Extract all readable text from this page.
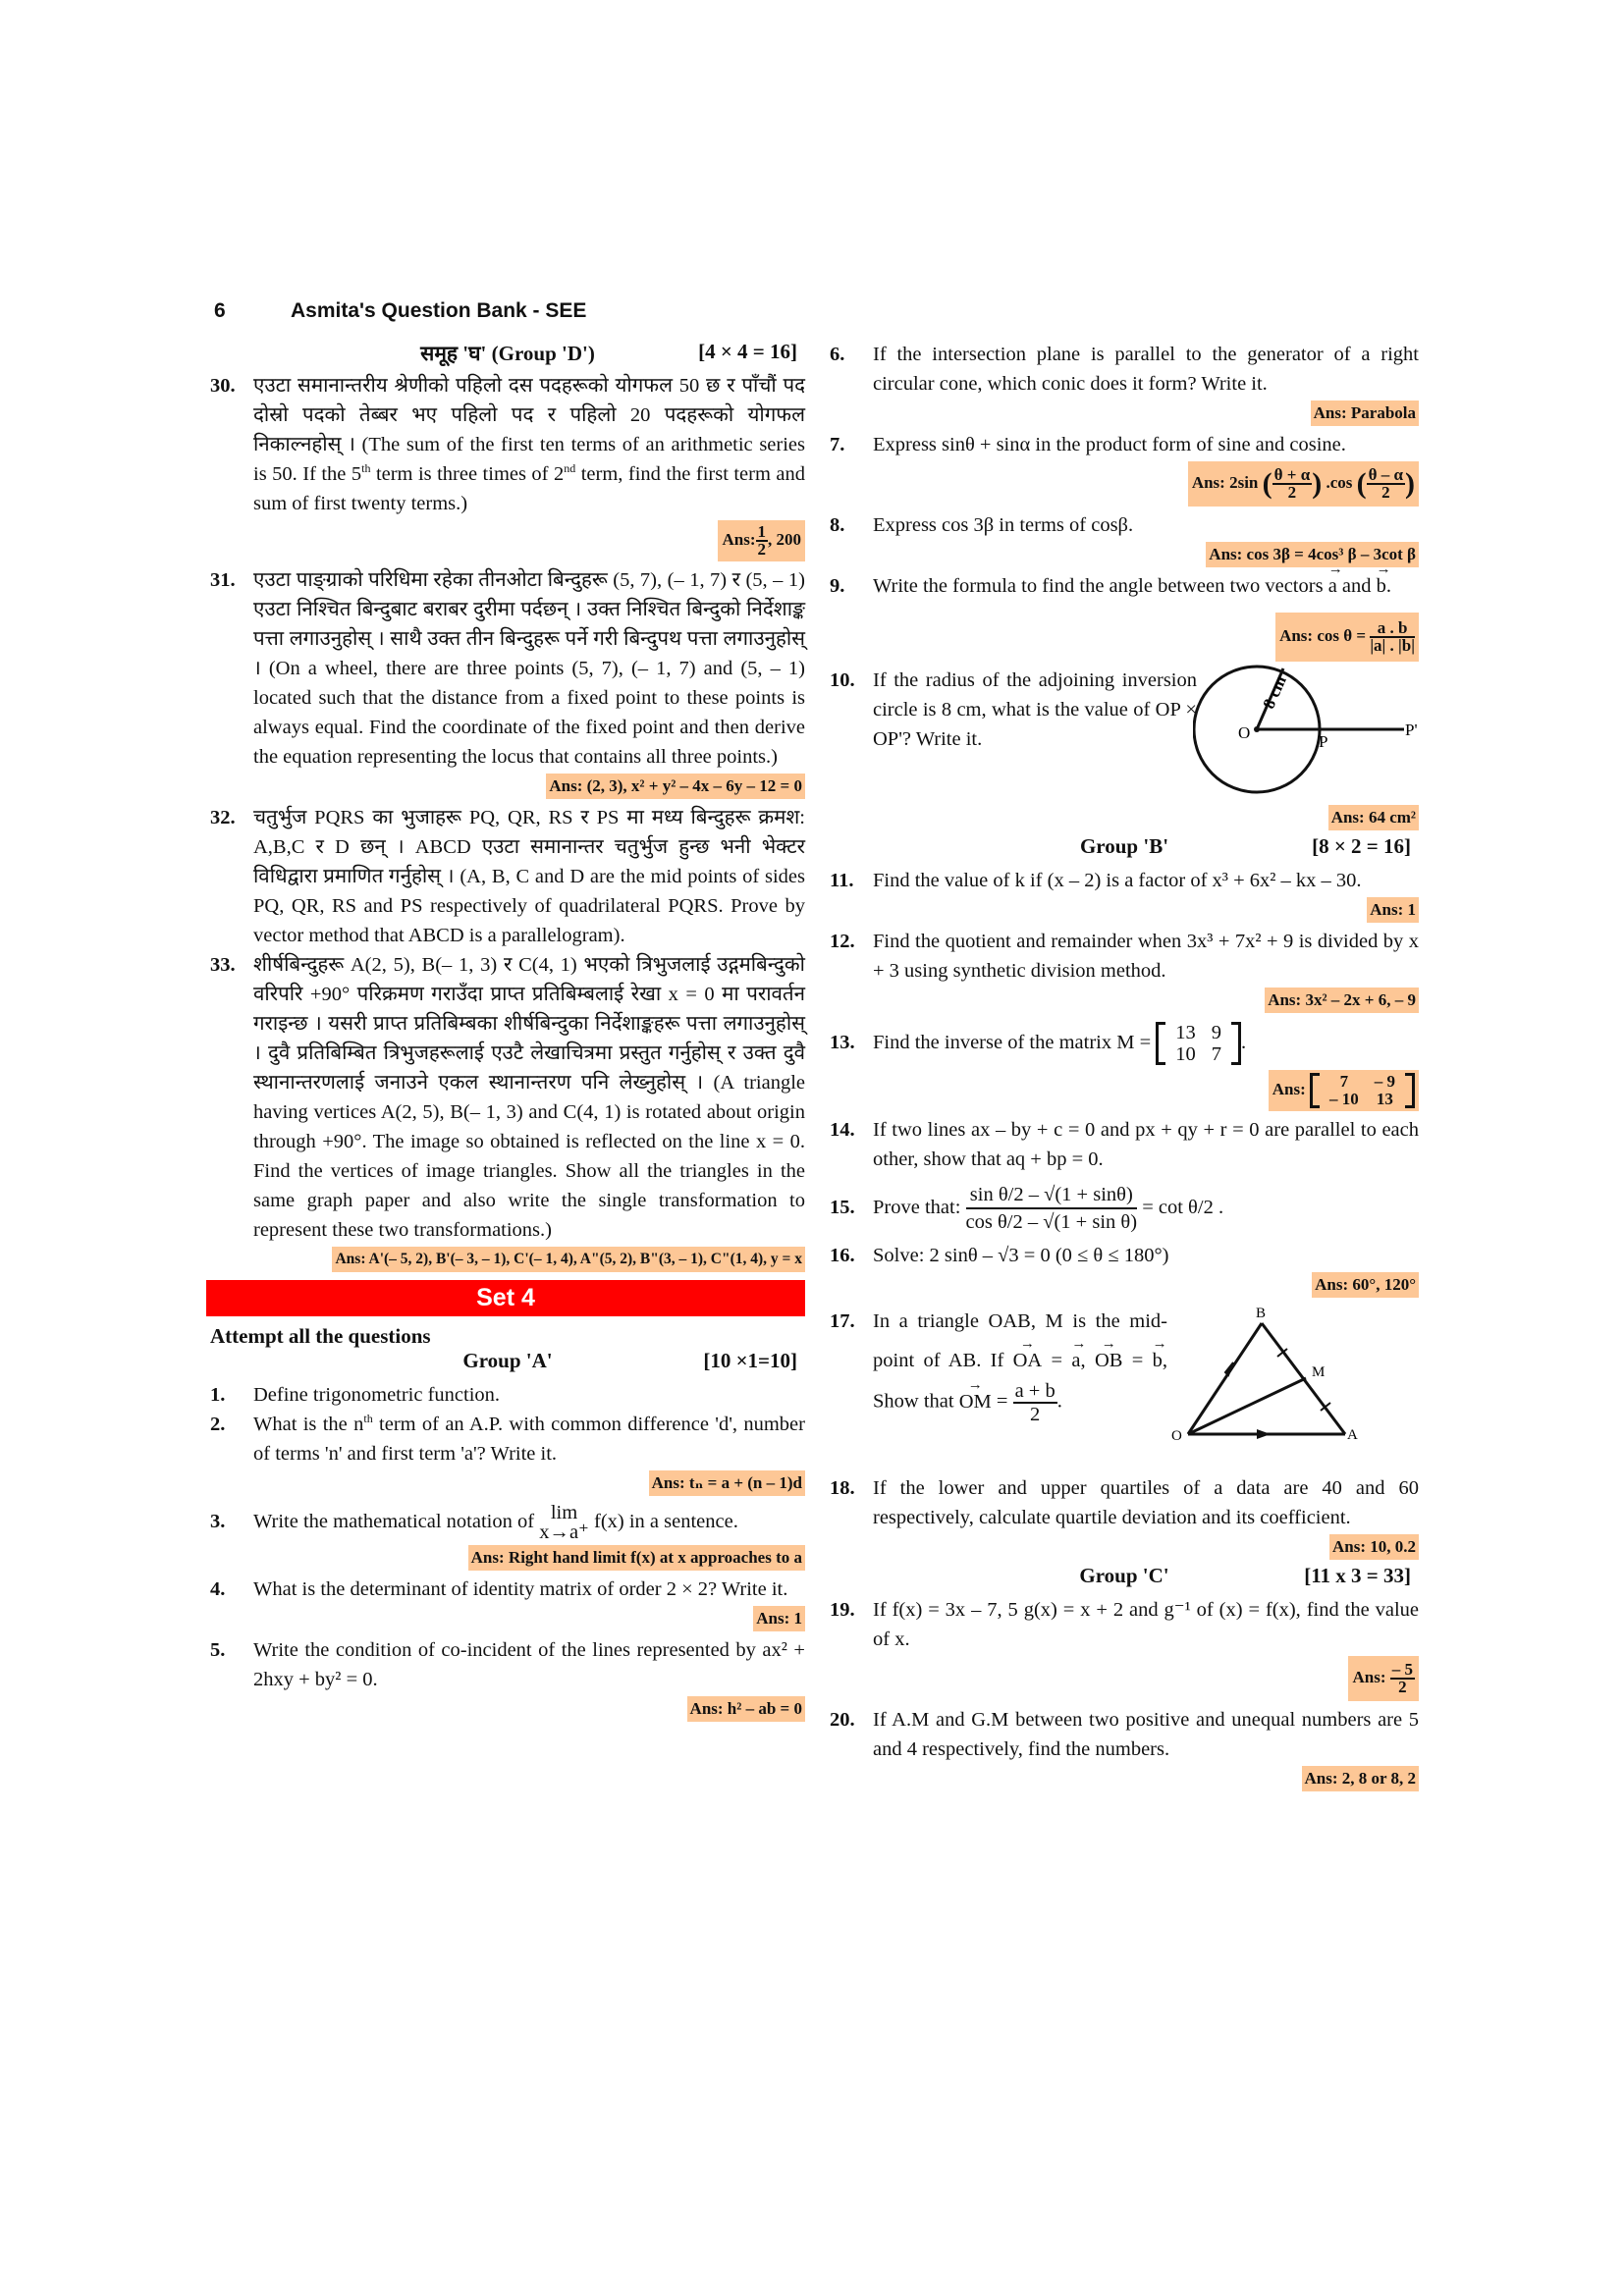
6	Asmita's Question Bank - SEE
समूह 'घ' (Group 'D')	[4 × 4 = 16]
30. एउटा समानान्तरीय श्रेणीको पहिलो दस पदहरूको योगफल 50 छ र पाँचौं पद दोस्रो पदको तेब्बर भए पहिलो पद र पहिलो 20 पदहरूको योगफल निकाल्नहोस् । (The sum of the first ten terms of an arithmetic series is 50. If the 5th term is three times of 2nd term, find the first term and sum of first twenty terms.)
Ans: $\frac{1}{2}$ , 200
31. एउटा पाङ्ग्राको परिधिमा रहेका तीनओटा बिन्दुहरू (5, 7), (– 1, 7) र (5, – 1) एउटा निश्चित बिन्दुबाट बराबर दुरीमा पर्दछन् । उक्त निश्चित बिन्दुको निर्देशाङ्क पत्ता लगाउनुहोस् । साथै उक्त तीन बिन्दुहरू पर्ने गरी बिन्दुपथ पत्ता लगाउनुहोस् । (On a wheel, there are three points (5, 7), (– 1, 7) and (5, – 1) located such that the distance from a fixed point to these points is always equal. Find the coordinate of the fixed point and then derive the equation representing the locus that contains all three points.)
Ans: (2, 3), x² + y² – 4x – 6y – 12 = 0
32. चतुर्भुज PQRS का भुजाहरू PQ, QR, RS र PS मा मध्य बिन्दुहरू क्रमश: A,B,C र D छन् । ABCD एउटा समानान्तर चतुर्भुज हुन्छ भनी भेक्टर विधिद्वारा प्रमाणित गर्नुहोस् । (A, B, C and D are the mid points of sides PQ, QR, RS and PS respectively of quadrilateral PQRS. Prove by vector method that ABCD is a parallelogram).
33. शीर्षबिन्दुहरू A(2, 5), B(– 1, 3) र C(4, 1) भएको त्रिभुजलाई उद्गमबिन्दुको वरिपरि +90° परिक्रमण गराउँदा प्राप्त प्रतिबिम्बलाई रेखा x = 0 मा परावर्तन गराइन्छ । यसरी प्राप्त प्रतिबिम्बका शीर्षबिन्दुका निर्देशाङ्कहरू पत्ता लगाउनुहोस् । दुवै प्रतिबिम्बित त्रिभुजहरूलाई एउटै लेखाचित्रमा प्रस्तुत गर्नुहोस् र उक्त दुवै स्थानान्तरणलाई जनाउने एकल स्थानान्तरण पनि लेख्नुहोस् । (A triangle having vertices A(2, 5), B(– 1, 3) and C(4, 1) is rotated about origin through +90°. The image so obtained is reflected on the line x = 0. Find the vertices of image triangles. Show all the triangles in the same graph paper and also write the single transformation to represent these two transformations.)
Ans: A'(– 5, 2), B'(– 3, – 1), C'(– 1, 4), A"(5, 2), B"(3, – 1), C"(1, 4), y = x
Set 4
Attempt all the questions
Group 'A'	[10 ×1=10]
1. Define trigonometric function.
2. What is the $n^{th}$ term of an A.P. with common difference 'd', number of terms 'n' and first term 'a'? Write it.
Ans: tₙ = a + (n – 1)d
3. Write the mathematical notation of lim
x→a⁺
f(x) in a sentence.
Ans: Right hand limit f(x) at x approaches to a
4. What is the determinant of identity matrix of order 2 × 2? Write it.
Ans: 1
5. Write the condition of co-incident of the lines represented by ax² + 2hxy + by² = 0.
Ans: h² – ab = 0
6. If the intersection plane is parallel to the generator of a right circular cone, which conic does it form? Write it.
Ans: Parabola
7. Express sinθ + sinα in the product form of sine and cosine.
Ans: 2sin ( $\frac{\theta + \alpha}{2}$ ) .cos ( $\frac{\theta - \alpha}{2}$ )
8. Express cos 3β in terms of cosβ.
Ans: cos 3β = 4cos³ β – 3cot β
9. Write the formula to find the angle between two vectors → a and → b.
Ans: $\cos \theta = \frac{a . b}{|a| . |b|}$
10. If the radius of the adjoining inversion circle is 8 cm, what is the value of OP × OP'? Write it.
8 cm
O	P
P'
Ans: 64 cm²
Group 'B'	[8 × 2 = 16]
11. Find the value of k if (x – 2) is a factor of x³ + 6x² – kx – 30.
Ans: 1
12. Find the quotient and remainder when 3x³ + 7x² + 9 is divided by x + 3 using synthetic division method.
Ans: 3x² – 2x + 6, – 9
13. Find the inverse of the matrix M = 13	9
10	7
.
Ans: 7	– 9
– 10	13
14. If two lines ax – by + c = 0 and px + qy + r = 0 are parallel to each other, show that aq + bp = 0.
15. Prove that: $\frac{\text{sin θ/2 – √(1 + sinθ)}}{\text{cos θ/2 – √(1 + sin θ)}} = \cot \theta/2$ .
16. Solve: 2 sinθ – √3 = 0 (0 ≤ θ ≤ 180°)
Ans: 60°, 120°
17. In a triangle OAB, M is the mid-point of AB. If → OA = → a, → OB = → b, Show that → OM = $\frac{a + b}{2}$ .
B
M
O	A
18. If the lower and upper quartiles of a data are 40 and 60 respectively, calculate quartile deviation and its coefficient.
Ans: 10, 0.2
Group 'C'	[11 x 3 = 33]
19. If f(x) = 3x – 7, 5 g(x) = x + 2 and g⁻¹ of (x) = f(x), find the value of x.
Ans: $\frac{- 5}{2}$
20. If A.M and G.M between two positive and unequal numbers are 5 and 4 respectively, find the numbers.
Ans: 2, 8 or 8, 2
